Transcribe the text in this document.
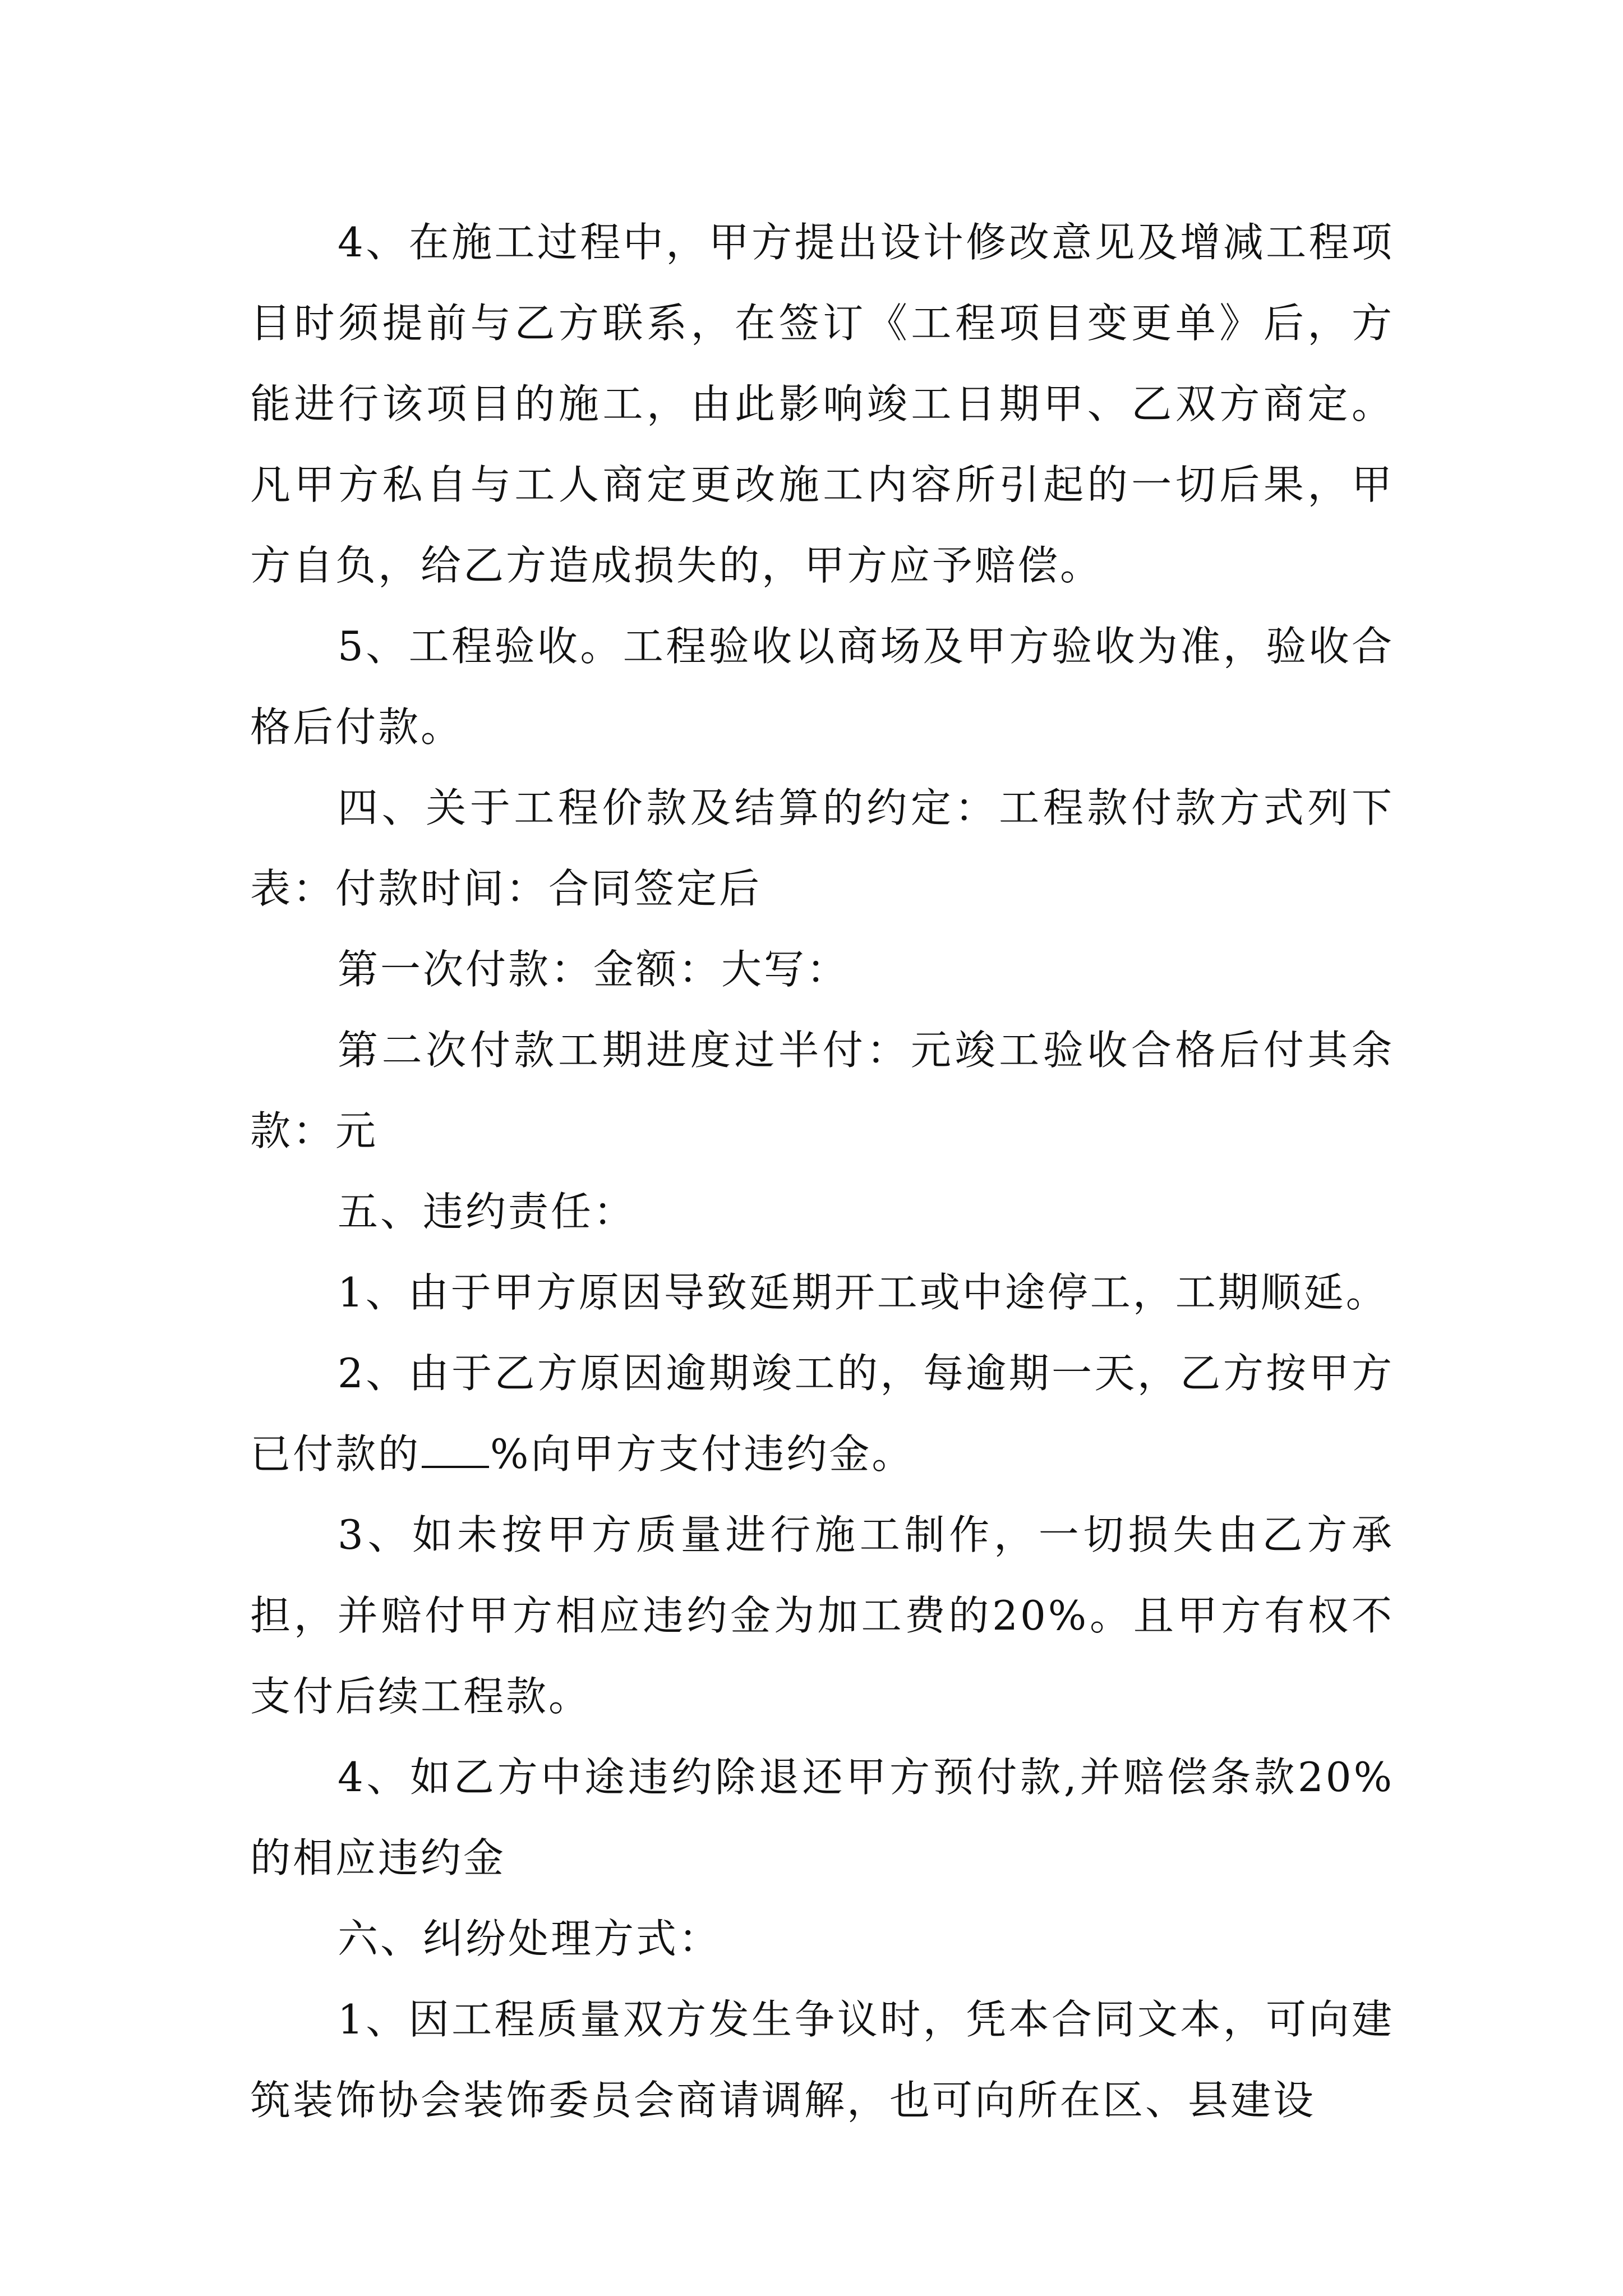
4、在施工过程中，甲方提出设计修改意见及增减工程项目时须提前与乙方联系，在签订《工程项目变更单》后，方能进行该项目的施工，由此影响竣工日期甲、乙双方商定。凡甲方私自与工人商定更改施工内容所引起的一切后果，甲方自负，给乙方造成损失的，甲方应予赔偿。

5、工程验收。工程验收以商场及甲方验收为准，验收合格后付款。

四、关于工程价款及结算的约定：工程款付款方式列下表：付款时间：合同签定后

第一次付款：金额：大写：

第二次付款工期进度过半付：元竣工验收合格后付其余款：元

五、违约责任：

1、由于甲方原因导致延期开工或中途停工，工期顺延。

2、由于乙方原因逾期竣工的，每逾期一天，乙方按甲方已付款的 %向甲方支付违约金。

3、如未按甲方质量进行施工制作，一切损失由乙方承担，并赔付甲方相应违约金为加工费的20%。且甲方有权不支付后续工程款。

4、如乙方中途违约除退还甲方预付款,并赔偿条款20%的相应违约金

六、纠纷处理方式：

1、因工程质量双方发生争议时，凭本合同文本，可向建筑装饰协会装饰委员会商请调解，也可向所在区、县建设
